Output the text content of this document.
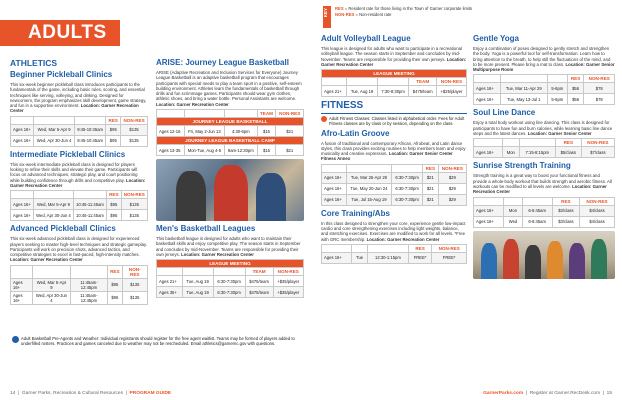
ADULTS
ATHLETICS
Beginner Pickleball Clinics
This six-week beginner pickleball class introduces participants to the fundamentals of the game, including basic rules, scoring, and essential techniques like serving, volleying, and dinking. Designed for newcomers, the program emphasizes skill development, game strategy, and fun in a supportive environment. Location: Garner Recreation Center
			RES	NON-RES
Ages 16+	Wed, Mar 5-Apr 9	9:45-10:45am	$95	$135
Ages 16+	Wed, Apr 30-Jun 4	9:45-10:45am	$95	$135
Intermediate Pickleball Clinics
This six-week intermediate pickleball class is designed for players looking to refine their skills and elevate their game. Participants will focus on advanced techniques, strategic play, and court positioning while building confidence through drills and competitive play. Location: Garner Recreation Center
			RES	NON-RES
Ages 16+	Wed, Mar 5-Apr 9	10:45-11:45am	$95	$135
Ages 16+	Wed, Apr 30-Jun 4	10:45-11:45am	$95	$135
Advanced Pickleball Clinics
This six-week advanced pickleball class is designed for experienced players seeking to master high-level techniques and strategic gameplay. Participants will work on precision shots, advanced tactics, and competitive strategies to excel in fast-paced, high-intensity matches. Location: Garner Recreation Center
			RES	NON-RES
Ages 16+	Wed, Mar 5-Apr 9	11:45am-12:45pm	$95	$135
Ages 16+	Wed, Apr 30-Jun 4	11:45am-12:45pm	$95	$135
ARISE: Journey League Basketball
ARISE (Adaptive Recreation and Inclusion Services for Everyone) Journey League Basketball is an adaptive basketball program that encourages participants with special needs to play a team sport in a positive, self-esteem building environment. Athletes learn the fundamentals of basketball through drills and fun scrimmage games. Participants should wear gym clothes, athletic shoes, and bring a water bottle. Personal Assistants are welcome. Location: Garner Recreation Center
			TEAM	NON-RES
JOURNEY LEAGUE BASKETBALL				
Ages 12-16	Fri, May 2-Jun 13	4:30-6pm	$15	$21
JOURNEY LEAGUE BASKETBALL CAMP				
Ages 13-35	Mon-Tue, Aug 4-5	9am-12:30pm	$15	$21
Men's Basketball Leagues
This basketball league is designed for adults who want to maintain their basketball skills and enjoy competitive play. The season starts in September and concludes by mid-November. Teams are responsible for providing their own jerseys. Location: Garner Recreation Center
LEAGUE MEETING				
			TEAM	NON-RES
Ages 21+	Tue, Aug 19	6:30-7:30pm	$475/team	+$35/player
Ages 35+	Tue, Aug 19	6:30-7:30pm	$475/team	+$35/player
Adult Basketball Pre-Agents and Weather: Individual registrants should register for the free agent waitlist. Teams may be formed of players added to underfilled rosters. Practices and games canceled due to weather may not be rescheduled. Email athletics@garnernc.gov with questions.
14  |  Garner Parks, Recreation & Cultural Resources  |  PROGRAM GUIDE
KEY	RES = Resident rate for those living in the Town of Garner corporate limits
NON-RES = Non-resident rate
Adult Volleyball League
This league is designed for adults who want to participate in a recreational volleyball league. The season starts in September and concludes by mid-November. Teams are responsible for providing their own jerseys. Location: Garner Recreation Center
LEAGUE MEETING				
			TEAM	NON-RES
Ages 21+	Tue, Aug 19	7:30-8:30pm	$475/team	+$25/player
FITNESS
Adult Fitness Classes: Classes listed in alphabetical order. Fees for Adult Fitness classes are by class or by session, depending on the class.
Afro-Latin Groove
A fusion of traditional and contemporary African, Afrobeat, and Latin dance styles, this class provides exciting routines to help members learn and enjoy musicality and creative expression. Location: Garner Senior Center Fitness Annex
			RES	NON-RES
Ages 16+	Tue, Mar 25-Apr 29	6:30-7:30pm	$21	$29
Ages 16+	Tue, May 20-Jun 24	6:30-7:30pm	$21	$29
Ages 16+	Tue, Jul 15-Aug 19	6:30-7:30pm	$21	$29
Core Training/Abs
In this class designed to strengthen your core, experience gentle low-impact cardio and core strengthening exercises including light weights, balance, and stretching exercises. Exercises are modified to work for all levels. *Free with GRC membership. Location: Garner Recreation Center
			RES	NON-RES
Ages 16+	Tue	12:30-1:15pm	FREE*	FREE*
Gentle Yoga
Enjoy a combination of poses designed to gently stretch and strengthen the body. Yoga is a powerful tool for self-transformation. Learn how to bring attention to the breath, to help still the fluctuations of the mind, and to be more present. Please bring a mat to class. Location: Garner Senior Multipurpose Room
			RES	NON-RES
Ages 16+	Tue, Mar 11-Apr 29	5-6pm	$56	$78
Ages 16+	Tue, May 13-Jul 1	5-6pm	$56	$78
Soul Line Dance
Enjoy a total body workout using line dancing. This class is designed for participants to have fun and burn calories, while learning basic line dance steps and the latest dances. Location: Garner Senior Center
			RES	NON-RES
Ages 16+	Mon	7:15-8:15pm	$5/class	$7/class
Sunrise Strength Training
Strength training is a great way to boost your functional fitness and provide a whole-body workout that builds strength and aerobic fitness. All workouts can be modified to all levels are welcome. Location: Garner Recreation Center
			RES	NON-RES
Ages 16+	Mon	6-6:45am	$3/class	$4/class
Ages 16+	Wed	6-6:45am	$3/class	$4/class
GarnerParks.com  |  Register at Garner.RecDesk.com  |  15
